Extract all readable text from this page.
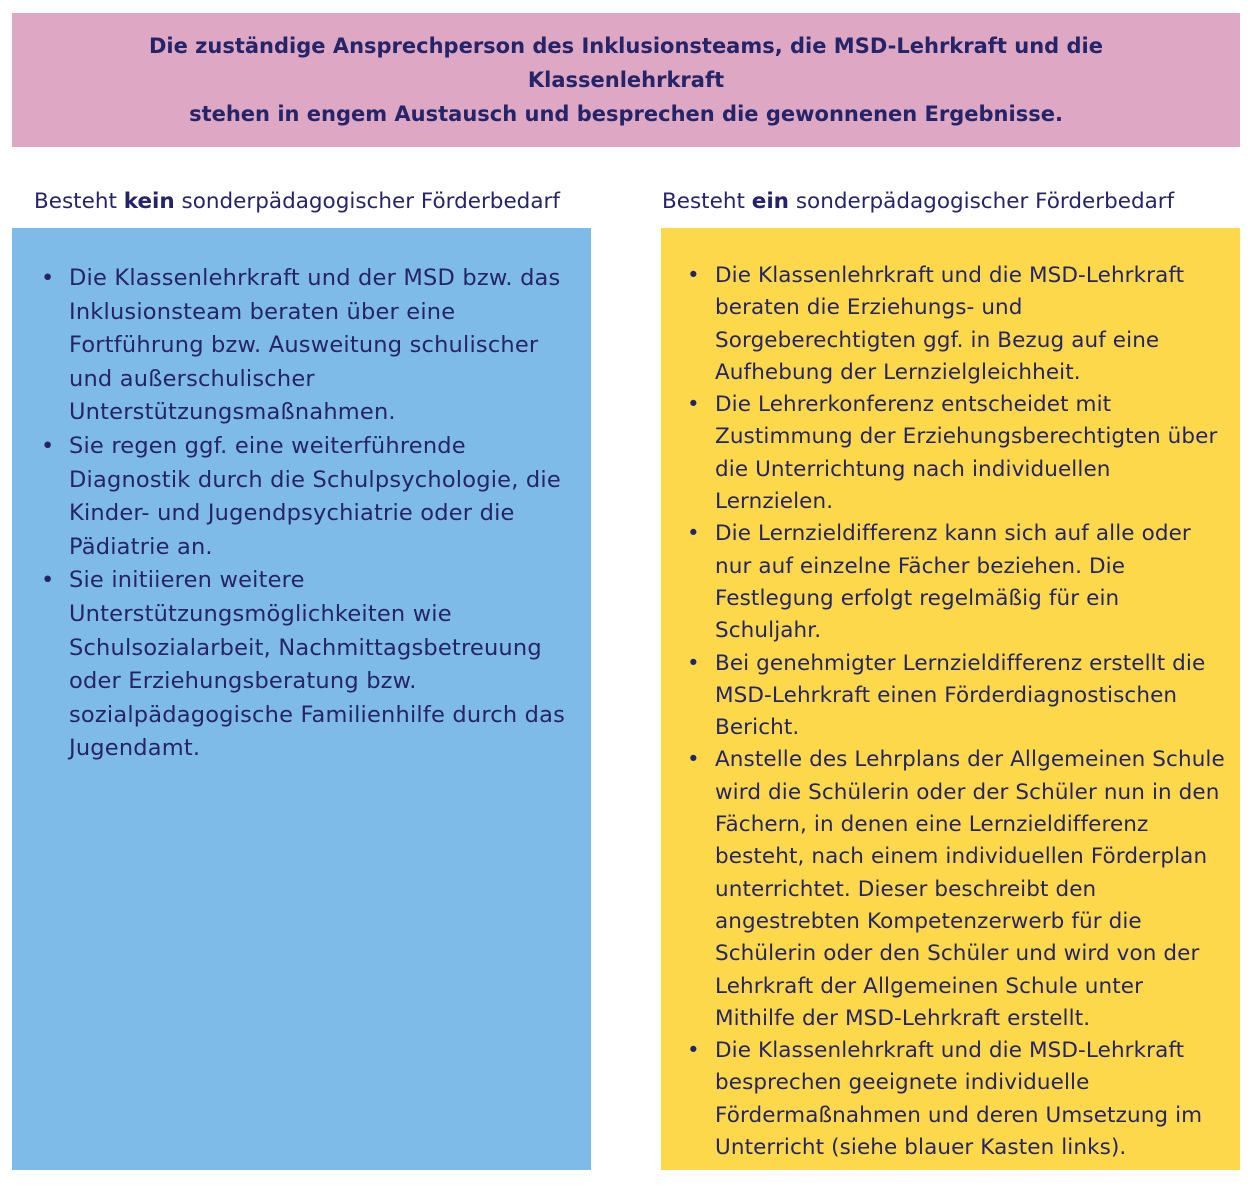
Die zuständige Ansprechperson des Inklusionsteams, die MSD-Lehrkraft und die Klassenlehrkraft
stehen in engem Austausch und besprechen die gewonnenen Ergebnisse.

Besteht kein sonderpädagogischer Förderbedarf	Besteht ein sonderpädagogischer Förderbedarf
• Die Klassenlehrkraft und der MSD bzw. das Inklusionsteam beraten über eine Fortführung bzw. Ausweitung schulischer und außerschulischer Unterstützungsmaßnahmen.
• Sie regen ggf. eine weiterführende Diagnostik durch die Schulpsychologie, die Kinder- und Jugendpsychiatrie oder die Pädiatrie an.
• Sie initiieren weitere Unterstützungsmöglichkeiten wie Schulsozialarbeit, Nachmittagsbetreuung oder Erziehungsberatung bzw. sozialpädagogische Familienhilfe durch das Jugendamt.
• Die Klassenlehrkraft und die MSD-Lehrkraft beraten die Erziehungs- und Sorgeberechtigten ggf. in Bezug auf eine Aufhebung der Lernzielgleichheit.
• Die Lehrerkonferenz entscheidet mit Zustimmung der Erziehungsberechtigten über die Unterrichtung nach individuellen Lernzielen.
• Die Lernzieldifferenz kann sich auf alle oder nur auf einzelne Fächer beziehen. Die Festlegung erfolgt regelmäßig für ein Schuljahr.
• Bei genehmigter Lernzieldifferenz erstellt die MSD-Lehrkraft einen Förderdiagnostischen Bericht.
• Anstelle des Lehrplans der Allgemeinen Schule wird die Schülerin oder der Schüler nun in den Fächern, in denen eine Lernzieldifferenz besteht, nach einem individuellen Förderplan unterrichtet. Dieser beschreibt den angestrebten Kompetenzerwerb für die Schülerin oder den Schüler und wird von der Lehrkraft der Allgemeinen Schule unter Mithilfe der MSD-Lehrkraft erstellt.
• Die Klassenlehrkraft und die MSD-Lehrkraft besprechen geeignete individuelle Fördermaßnahmen und deren Umsetzung im Unterricht (siehe blauer Kasten links).
